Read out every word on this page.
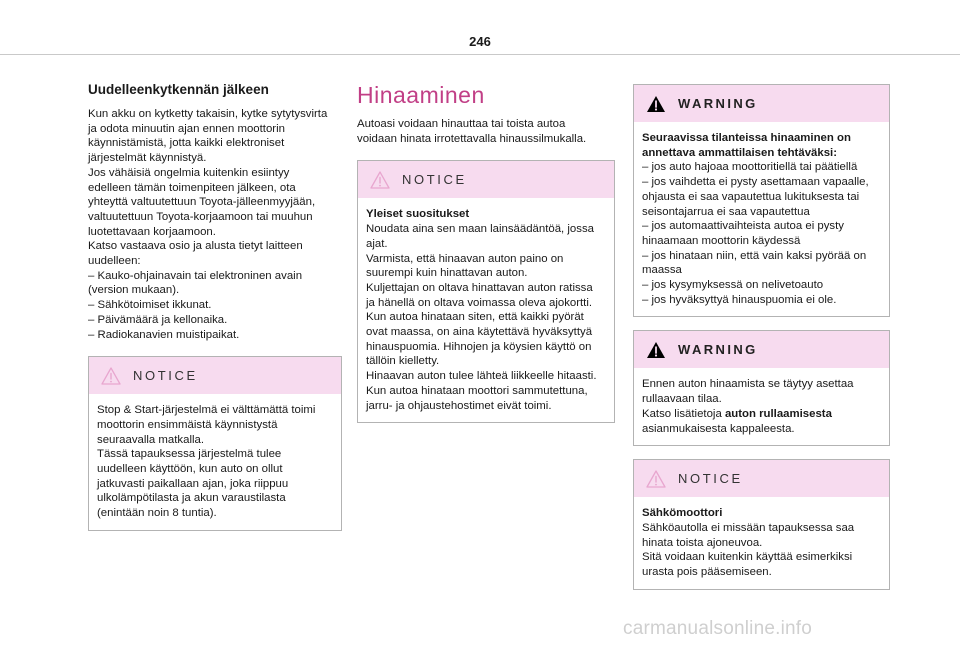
246
Uudelleenkytkennän jälkeen
Kun akku on kytketty takaisin, kytke sytytysvirta
ja odota minuutin ajan ennen moottorin
käynnistämistä, jotta kaikki elektroniset
järjestelmät käynnistyä.
Jos vähäisiä ongelmia kuitenkin esiintyy
edelleen tämän toimenpiteen jälkeen, ota
yhteyttä valtuutettuun Toyota-jälleenmyyjään,
valtuutettuun Toyota-korjaamoon tai muuhun
luotettavaan korjaamoon.
Katso vastaava osio ja alusta tietyt laitteen
uudelleen:
– Kauko-ohjainavain tai elektroninen avain
(version mukaan).
– Sähkötoimiset ikkunat.
– Päivämäärä ja kellonaika.
– Radiokanavien muistipaikat.
NOTICE
Stop & Start-järjestelmä ei välttämättä toimi
moottorin ensimmäistä käynnistystä
seuraavalla matkalla.
Tässä tapauksessa järjestelmä tulee
uudelleen käyttöön, kun auto on ollut
jatkuvasti paikallaan ajan, joka riippuu
ulkolämpötilasta ja akun varaustilasta
(enintään noin 8 tuntia).
Hinaaminen
Autoasi voidaan hinauttaa tai toista autoa
voidaan hinata irrotettavalla hinaussilmukalla.
NOTICE
Yleiset suositukset
Noudata aina sen maan lainsäädäntöä, jossa
ajat.
Varmista, että hinaavan auton paino on
suurempi kuin hinattavan auton.
Kuljettajan on oltava hinattavan auton ratissa
ja hänellä on oltava voimassa oleva ajokortti.
Kun autoa hinataan siten, että kaikki pyörät
ovat maassa, on aina käytettävä hyväksyttyä
hinauspuomia. Hihnojen ja köysien käyttö on
tällöin kielletty.
Hinaavan auton tulee lähteä liikkeelle hitaasti.
Kun autoa hinataan moottori sammutettuna,
jarru- ja ohjaustehostimet eivät toimi.
WARNING
Seuraavissa tilanteissa hinaaminen on
annettava ammattilaisen tehtäväksi:
– jos auto hajoaa moottoritiellä tai päätiellä
– jos vaihdetta ei pysty asettamaan vapaalle,
ohjausta ei saa vapautettua lukituksesta tai
seisontajarrua ei saa vapautettua
– jos automaattivaihteista autoa ei pysty
hinaamaan moottorin käydessä
– jos hinataan niin, että vain kaksi pyörää on
maassa
– jos kysymyksessä on nelivetoauto
– jos hyväksyttyä hinauspuomia ei ole.
WARNING
Ennen auton hinaamista se täytyy asettaa
rullaavaan tilaa.
Katso lisätietoja auton rullaamisesta
asianmukaisesta kappaleesta.
NOTICE
Sähkömoottori
Sähköautolla ei missään tapauksessa saa
hinata toista ajoneuvoa.
Sitä voidaan kuitenkin käyttää esimerkiksi
urasta pois pääsemiseen.
carmanualsonline.info
